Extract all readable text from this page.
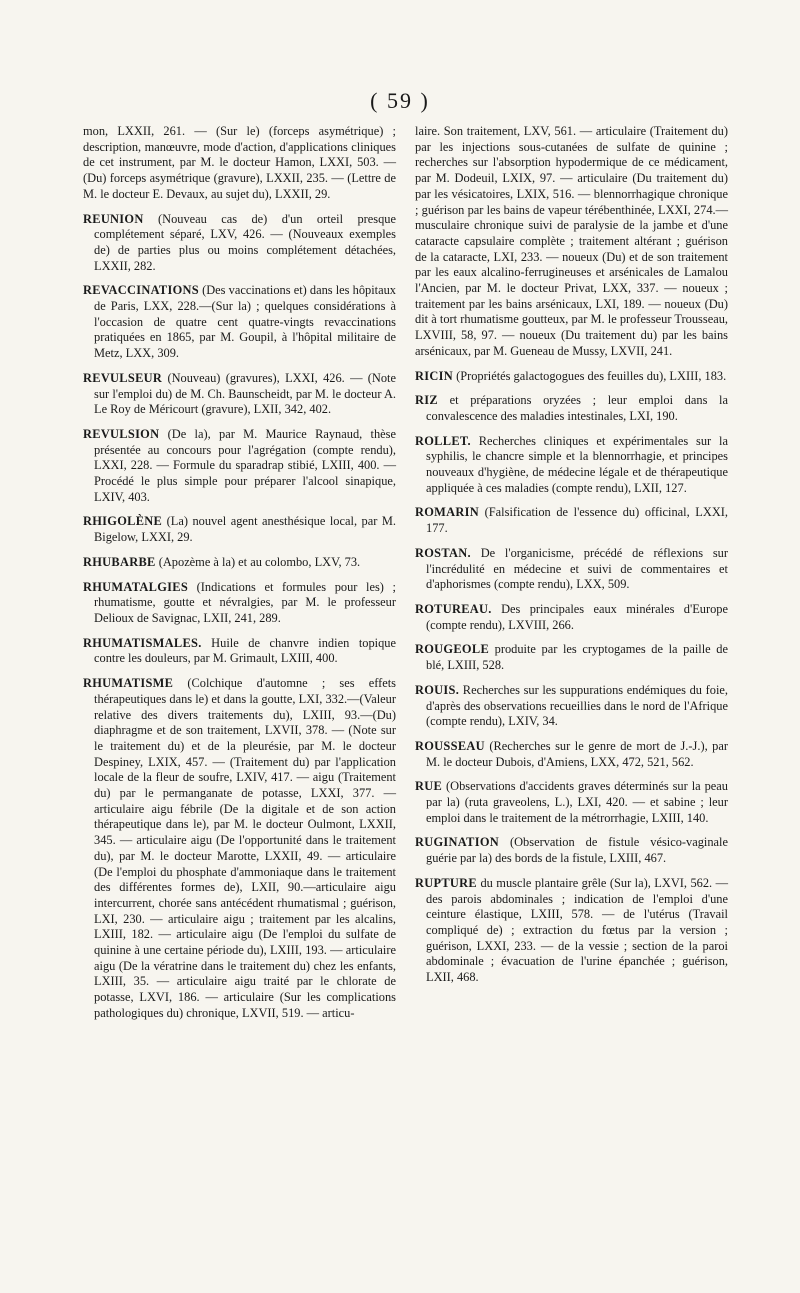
( 59 )

mon, LXXII, 261. — (Sur le) (forceps asymétrique) ; description, manœuvre, mode d'action, d'applications cliniques de cet instrument, par M. le docteur Hamon, LXXI, 503. — (Du) forceps asymétrique (gravure), LXXII, 235. — (Lettre de M. le docteur E. Devaux, au sujet du), LXXII, 29.

REUNION (Nouveau cas de) d'un orteil presque complétement séparé, LXV, 426. — (Nouveaux exemples de) de parties plus ou moins complétement détachées, LXXII, 282.

REVACCINATIONS (Des vaccinations et) dans les hôpitaux de Paris, LXX, 228.—(Sur la) ; quelques considérations à l'occasion de quatre cent quatre-vingts revaccinations pratiquées en 1865, par M. Goupil, à l'hôpital militaire de Metz, LXX, 309.

REVULSEUR (Nouveau) (gravures), LXXI, 426. — (Note sur l'emploi du) de M. Ch. Baunscheidt, par M. le docteur A. Le Roy de Méricourt (gravure), LXII, 342, 402.

REVULSION (De la), par M. Maurice Raynaud, thèse présentée au concours pour l'agrégation (compte rendu), LXXI, 228. — Formule du sparadrap stibié, LXIII, 400. — Procédé le plus simple pour préparer l'alcool sinapique, LXIV, 403.

RHIGOLÈNE (La) nouvel agent anesthésique local, par M. Bigelow, LXXI, 29.

RHUBARBE (Apozème à la) et au colombo, LXV, 73.

RHUMATALGIES (Indications et formules pour les) ; rhumatisme, goutte et névralgies, par M. le professeur Delioux de Savignac, LXII, 241, 289.

RHUMATISMALES. Huile de chanvre indien topique contre les douleurs, par M. Grimault, LXIII, 400.

RHUMATISME (Colchique d'automne ; ses effets thérapeutiques dans le) et dans la goutte, LXI, 332.—(Valeur relative des divers traitements du), LXIII, 93.—(Du) diaphragme et de son traitement, LXVII, 378. — (Note sur le traitement du) et de la pleurésie, par M. le docteur Despiney, LXIX, 457. — (Traitement du) par l'application locale de la fleur de soufre, LXIV, 417. — aigu (Traitement du) par le permanganate de potasse, LXXI, 377. — articulaire aigu fébrile (De la digitale et de son action thérapeutique dans le), par M. le docteur Oulmont, LXXII, 345. — articulaire aigu (De l'opportunité dans le traitement du), par M. le docteur Marotte, LXXII, 49. — articulaire (De l'emploi du phosphate d'ammoniaque dans le traitement des différentes formes de), LXII, 90.—articulaire aigu intercurrent, chorée sans antécédent rhumatismal ; guérison, LXI, 230. — articulaire aigu ; traitement par les alcalins, LXIII, 182. — articulaire aigu (De l'emploi du sulfate de quinine à une certaine période du), LXIII, 193. — articulaire aigu (De la vératrine dans le traitement du) chez les enfants, LXIII, 35. — articulaire aigu traité par le chlorate de potasse, LXVI, 186. — articulaire (Sur les complications pathologiques du) chronique, LXVII, 519. — articu-

laire. Son traitement, LXV, 561. — articulaire (Traitement du) par les injections sous-cutanées de sulfate de quinine ; recherches sur l'absorption hypodermique de ce médicament, par M. Dodeuil, LXIX, 97. — articulaire (Du traitement du) par les vésicatoires, LXIX, 516. — blennorrhagique chronique ; guérison par les bains de vapeur térébenthinée, LXXI, 274.— musculaire chronique suivi de paralysie de la jambe et d'une cataracte capsulaire complète ; traitement altérant ; guérison de la cataracte, LXI, 233. — noueux (Du) et de son traitement par les eaux alcalino-ferrugineuses et arsénicales de Lamalou l'Ancien, par M. le docteur Privat, LXX, 337. — noueux ; traitement par les bains arsénicaux, LXI, 189. — noueux (Du) dit à tort rhumatisme goutteux, par M. le professeur Trousseau, LXVIII, 58, 97. — noueux (Du traitement du) par les bains arsénicaux, par M. Gueneau de Mussy, LXVII, 241.

RICIN (Propriétés galactogogues des feuilles du), LXIII, 183.

RIZ et préparations oryzées ; leur emploi dans la convalescence des maladies intestinales, LXI, 190.

ROLLET. Recherches cliniques et expérimentales sur la syphilis, le chancre simple et la blennorrhagie, et principes nouveaux d'hygiène, de médecine légale et de thérapeutique appliquée à ces maladies (compte rendu), LXII, 127.

ROMARIN (Falsification de l'essence du) officinal, LXXI, 177.

ROSTAN. De l'organicisme, précédé de réflexions sur l'incrédulité en médecine et suivi de commentaires et d'aphorismes (compte rendu), LXX, 509.

ROTUREAU. Des principales eaux minérales d'Europe (compte rendu), LXVIII, 266.

ROUGEOLE produite par les cryptogames de la paille de blé, LXIII, 528.

ROUIS. Recherches sur les suppurations endémiques du foie, d'après des observations recueillies dans le nord de l'Afrique (compte rendu), LXIV, 34.

ROUSSEAU (Recherches sur le genre de mort de J.-J.), par M. le docteur Dubois, d'Amiens, LXX, 472, 521, 562.

RUE (Observations d'accidents graves déterminés sur la peau par la) (ruta graveolens, L.), LXI, 420. — et sabine ; leur emploi dans le traitement de la métrorrhagie, LXIII, 140.

RUGINATION (Observation de fistule vésico-vaginale guérie par la) des bords de la fistule, LXIII, 467.

RUPTURE du muscle plantaire grêle (Sur la), LXVI, 562. — des parois abdominales ; indication de l'emploi d'une ceinture élastique, LXIII, 578. — de l'utérus (Travail compliqué de) ; extraction du fœtus par la version ; guérison, LXXI, 233. — de la vessie ; section de la paroi abdominale ; évacuation de l'urine épanchée ; guérison, LXII, 468.
